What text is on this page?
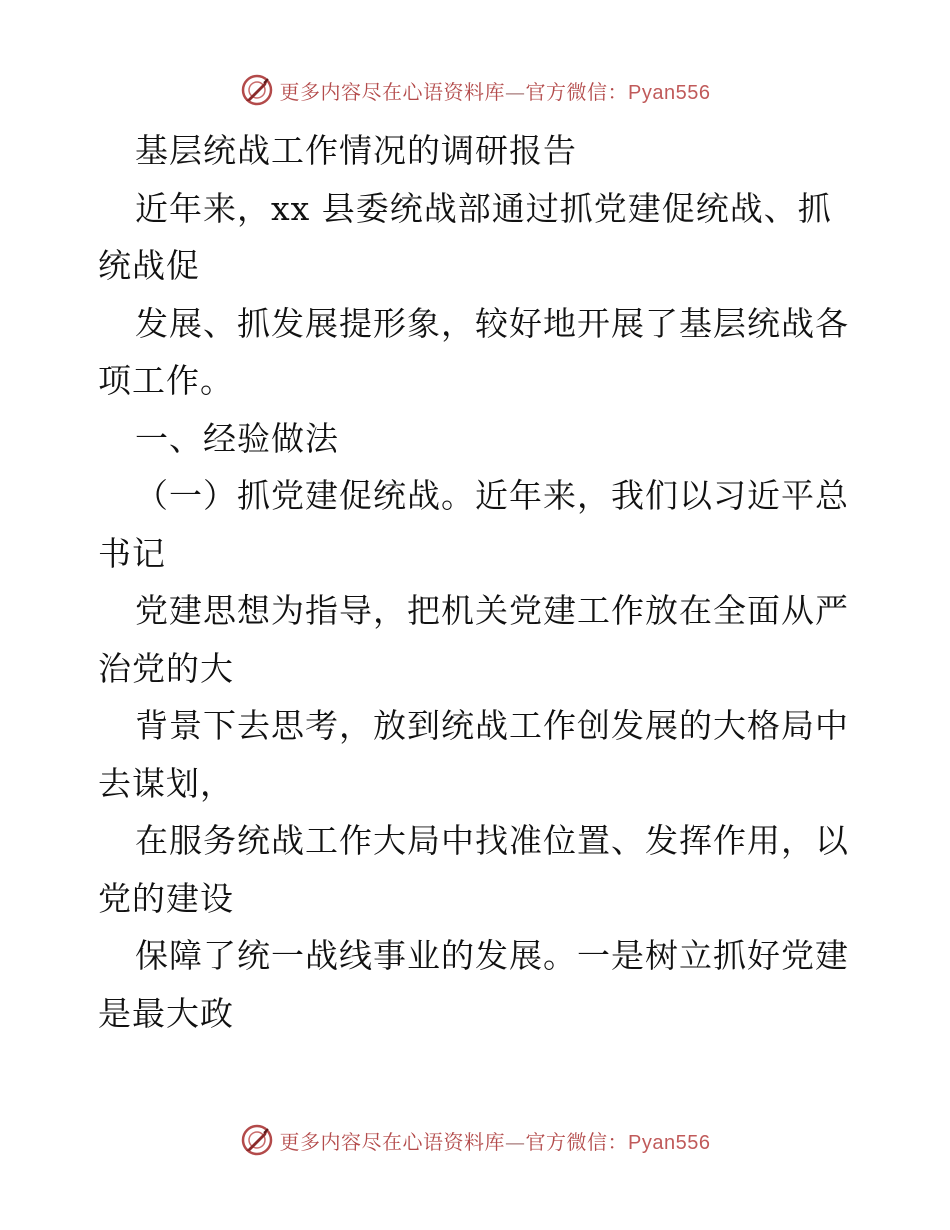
更多内容尽在心语资料库—官方微信：Pyan556
基层统战工作情况的调研报告
近年来，xx 县委统战部通过抓党建促统战、抓
统战促
发展、抓发展提形象，较好地开展了基层统战各
项工作。
一、经验做法
（一）抓党建促统战。近年来，我们以习近平总
书记
党建思想为指导，把机关党建工作放在全面从严
治党的大
背景下去思考，放到统战工作创发展的大格局中
去谋划，
在服务统战工作大局中找准位置、发挥作用，以
党的建设
保障了统一战线事业的发展。一是树立抓好党建
是最大政
更多内容尽在心语资料库—官方微信：Pyan556
